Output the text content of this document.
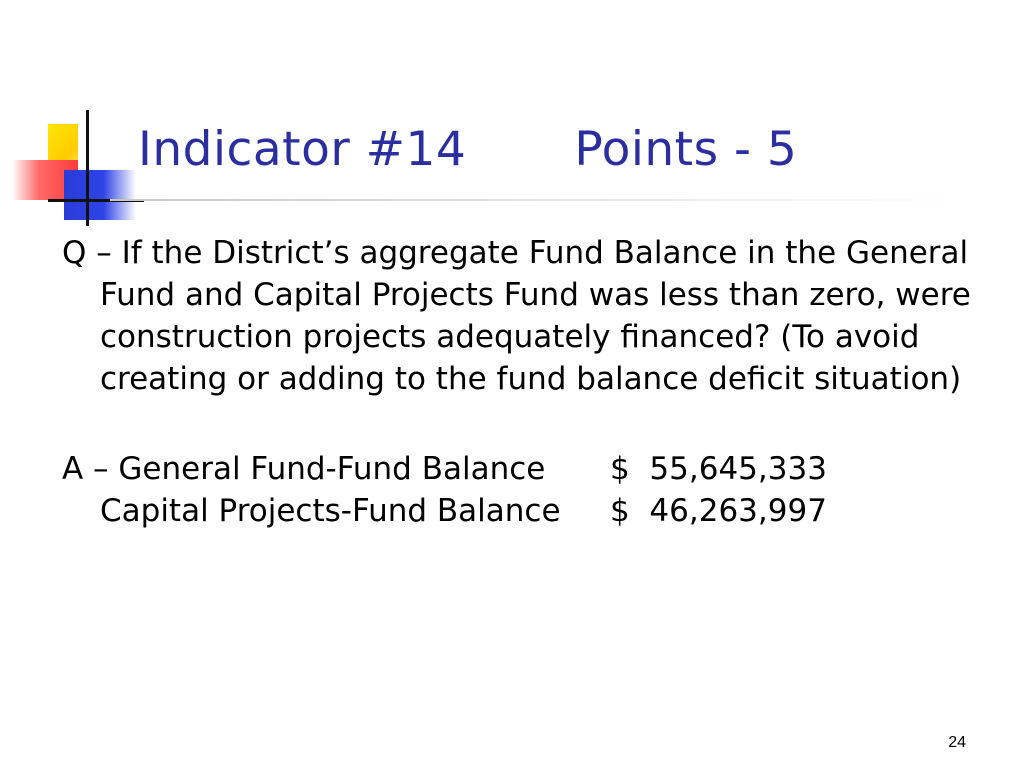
Indicator #14       Points - 5

Q – If the District’s aggregate Fund Balance in the General Fund and Capital Projects Fund was less than zero, were construction projects adequately financed? (To avoid creating or adding to the fund balance deficit situation)

A – General Fund-Fund Balance $  55,645,333

Capital Projects-Fund Balance $  46,263,997

24
